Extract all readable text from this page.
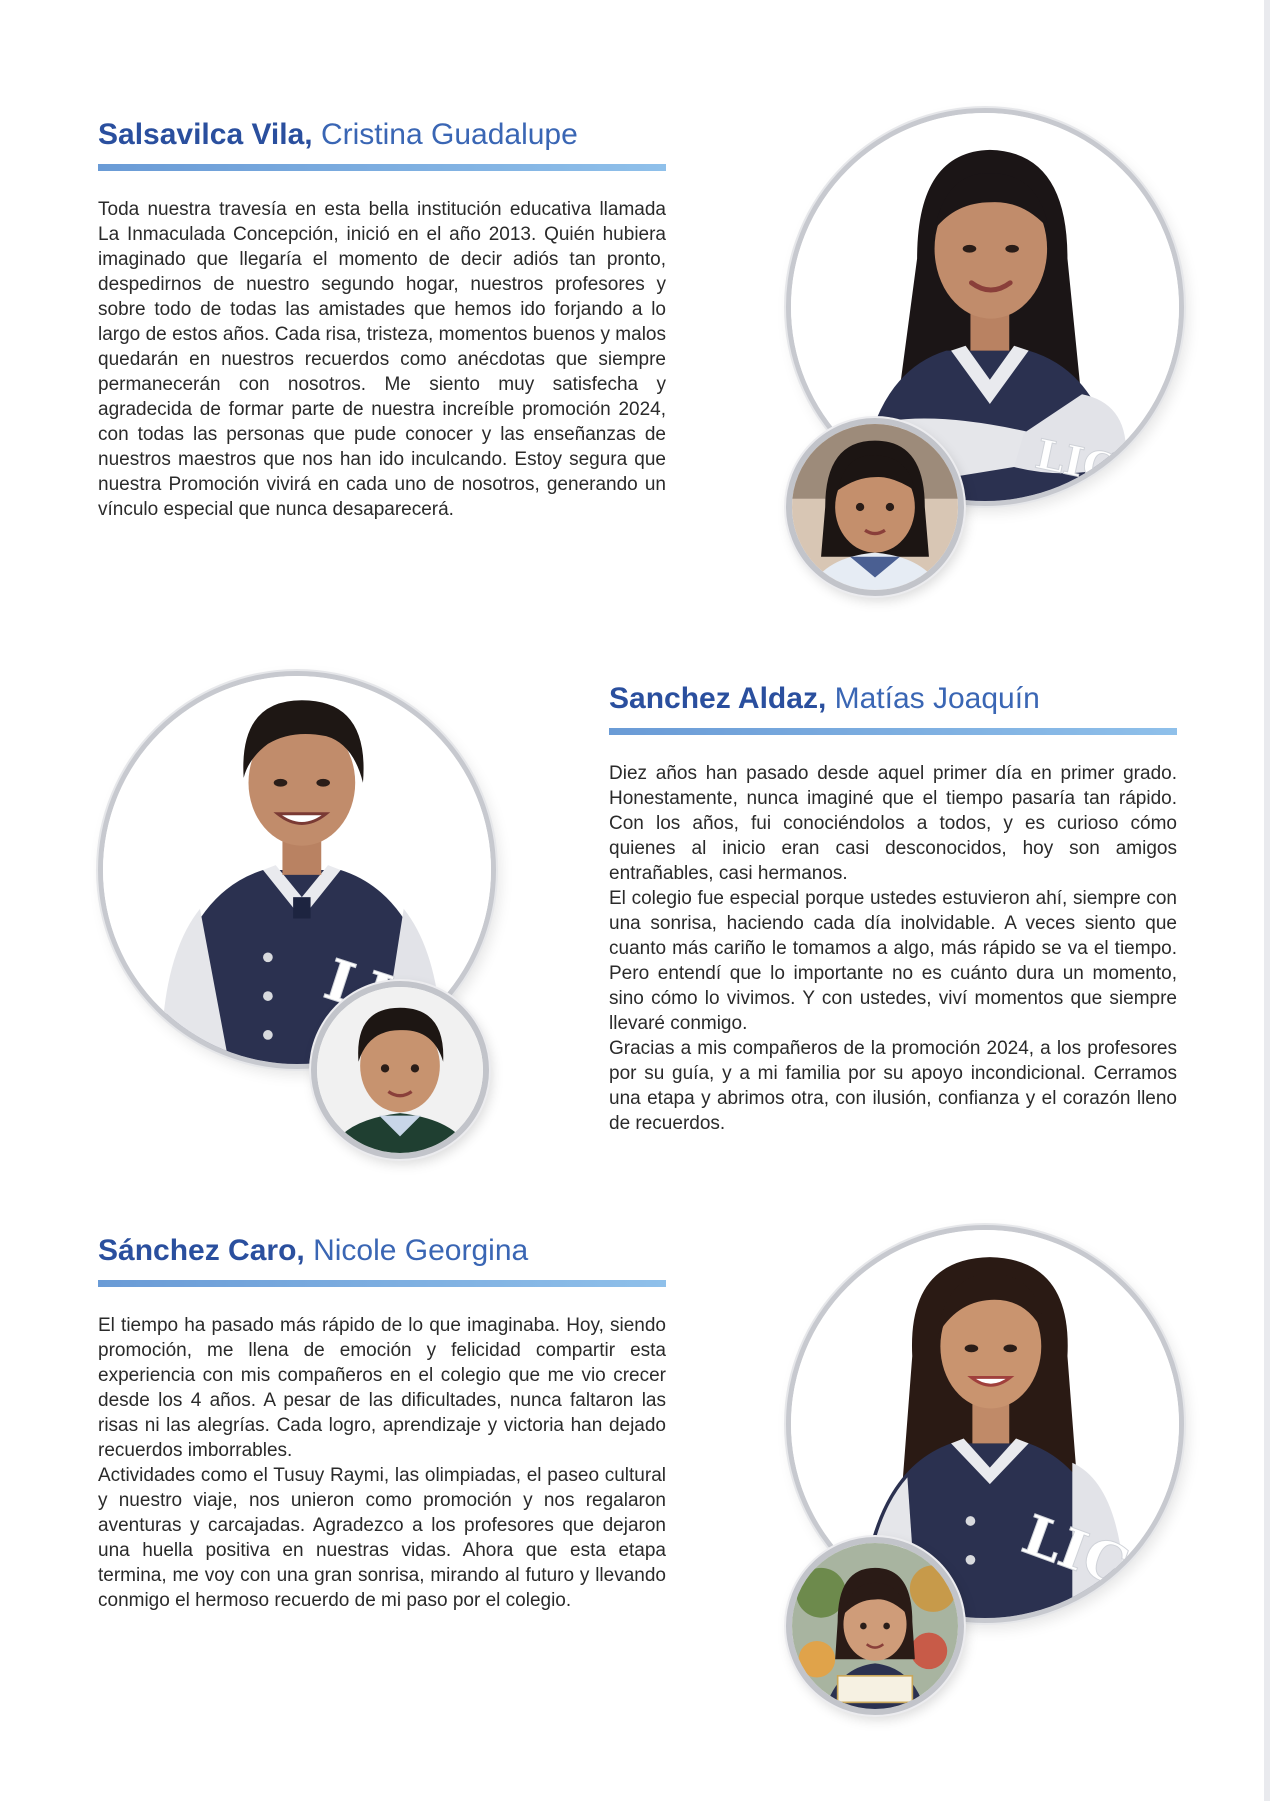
Salsavilca Vila, Cristina Guadalupe

Toda nuestra travesía en esta bella institución educativa llamada La Inmaculada Concepción, inició en el año 2013. Quién hubiera imaginado que llegaría el momento de decir adiós tan pronto, despedirnos de nuestro segundo hogar, nuestros profesores y sobre todo de todas las amistades que hemos ido forjando a lo largo de estos años. Cada risa, tristeza, momentos buenos y malos quedarán en nuestros recuerdos como anécdotas que siempre permanecerán con nosotros. Me siento muy satisfecha y agradecida de formar parte de nuestra increíble promoción 2024, con todas las personas que pude conocer y las enseñanzas de nuestros maestros que nos han ido inculcando. Estoy segura que nuestra Promoción vivirá en cada uno de nosotros, generando un vínculo especial que nunca desaparecerá.

LIC
Sanchez Aldaz, Matías Joaquín

Diez años han pasado desde aquel primer día en primer grado. Honestamente, nunca imaginé que el tiempo pasaría tan rápido. Con los años, fui conociéndolos a todos, y es curioso cómo quienes al inicio eran casi desconocidos, hoy son amigos entrañables, casi hermanos.

El colegio fue especial porque ustedes estuvieron ahí, siempre con una sonrisa, haciendo cada día inolvidable. A veces siento que cuanto más cariño le tomamos a algo, más rápido se va el tiempo. Pero entendí que lo importante no es cuánto dura un momento, sino cómo lo vivimos. Y con ustedes, viví momentos que siempre llevaré conmigo.

Gracias a mis compañeros de la promoción 2024, a los profesores por su guía, y a mi familia por su apoyo incondicional. Cerramos una etapa y abrimos otra, con ilusión, confianza y el corazón lleno de recuerdos.

Sánchez Caro, Nicole Georgina

El tiempo ha pasado más rápido de lo que imaginaba. Hoy, siendo promoción, me llena de emoción y felicidad compartir esta experiencia con mis compañeros en el colegio que me vio crecer desde los 4 años. A pesar de las dificultades, nunca faltaron las risas ni las alegrías. Cada logro, aprendizaje y victoria han dejado recuerdos imborrables.

Actividades como el Tusuy Raymi, las olimpiadas, el paseo cultural y nuestro viaje, nos unieron como promoción y nos regalaron aventuras y carcajadas. Agradezco a los profesores que dejaron una huella positiva en nuestras vidas. Ahora que esta etapa termina, me voy con una gran sonrisa, mirando al futuro y llevando conmigo el hermoso recuerdo de mi paso por el colegio.

LIC
